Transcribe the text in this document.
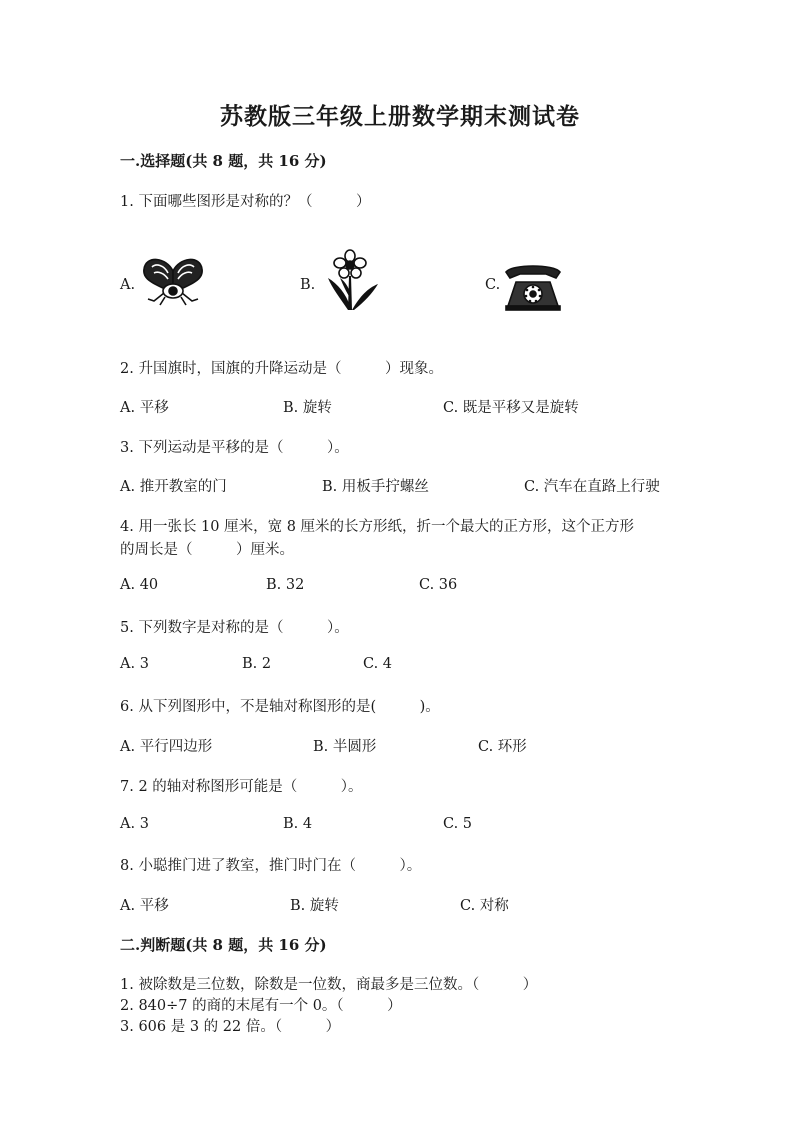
苏教版三年级上册数学期末测试卷
一.选择题(共 8 题，共 16 分)
1. 下面哪些图形是对称的？（　　　）
A.	B.	C.
2. 升国旗时，国旗的升降运动是（　　　）现象。
A. 平移	B. 旋转	C. 既是平移又是旋转
3. 下列运动是平移的是（　　　）。
A. 推开教室的门	B. 用板手拧螺丝	C. 汽车在直路上行驶
4. 用一张长 10 厘米，宽 8 厘米的长方形纸，折一个最大的正方形，这个正方形
的周长是（　　　）厘米。
A. 40	B. 32	C. 36
5. 下列数字是对称的是（　　　）。
A. 3	B. 2	C. 4
6. 从下列图形中，不是轴对称图形的是(　　　)。
A. 平行四边形	B. 半圆形	C. 环形
7. 2 的轴对称图形可能是（　　　）。
A. 3	B. 4	C. 5
8. 小聪推门进了教室，推门时门在（　　　）。
A. 平移	B. 旋转	C. 对称
二.判断题(共 8 题，共 16 分)
1. 被除数是三位数，除数是一位数，商最多是三位数。（　　　）
2. 840÷7 的商的末尾有一个 0。（　　　）
3. 606 是 3 的 22 倍。（　　　）
